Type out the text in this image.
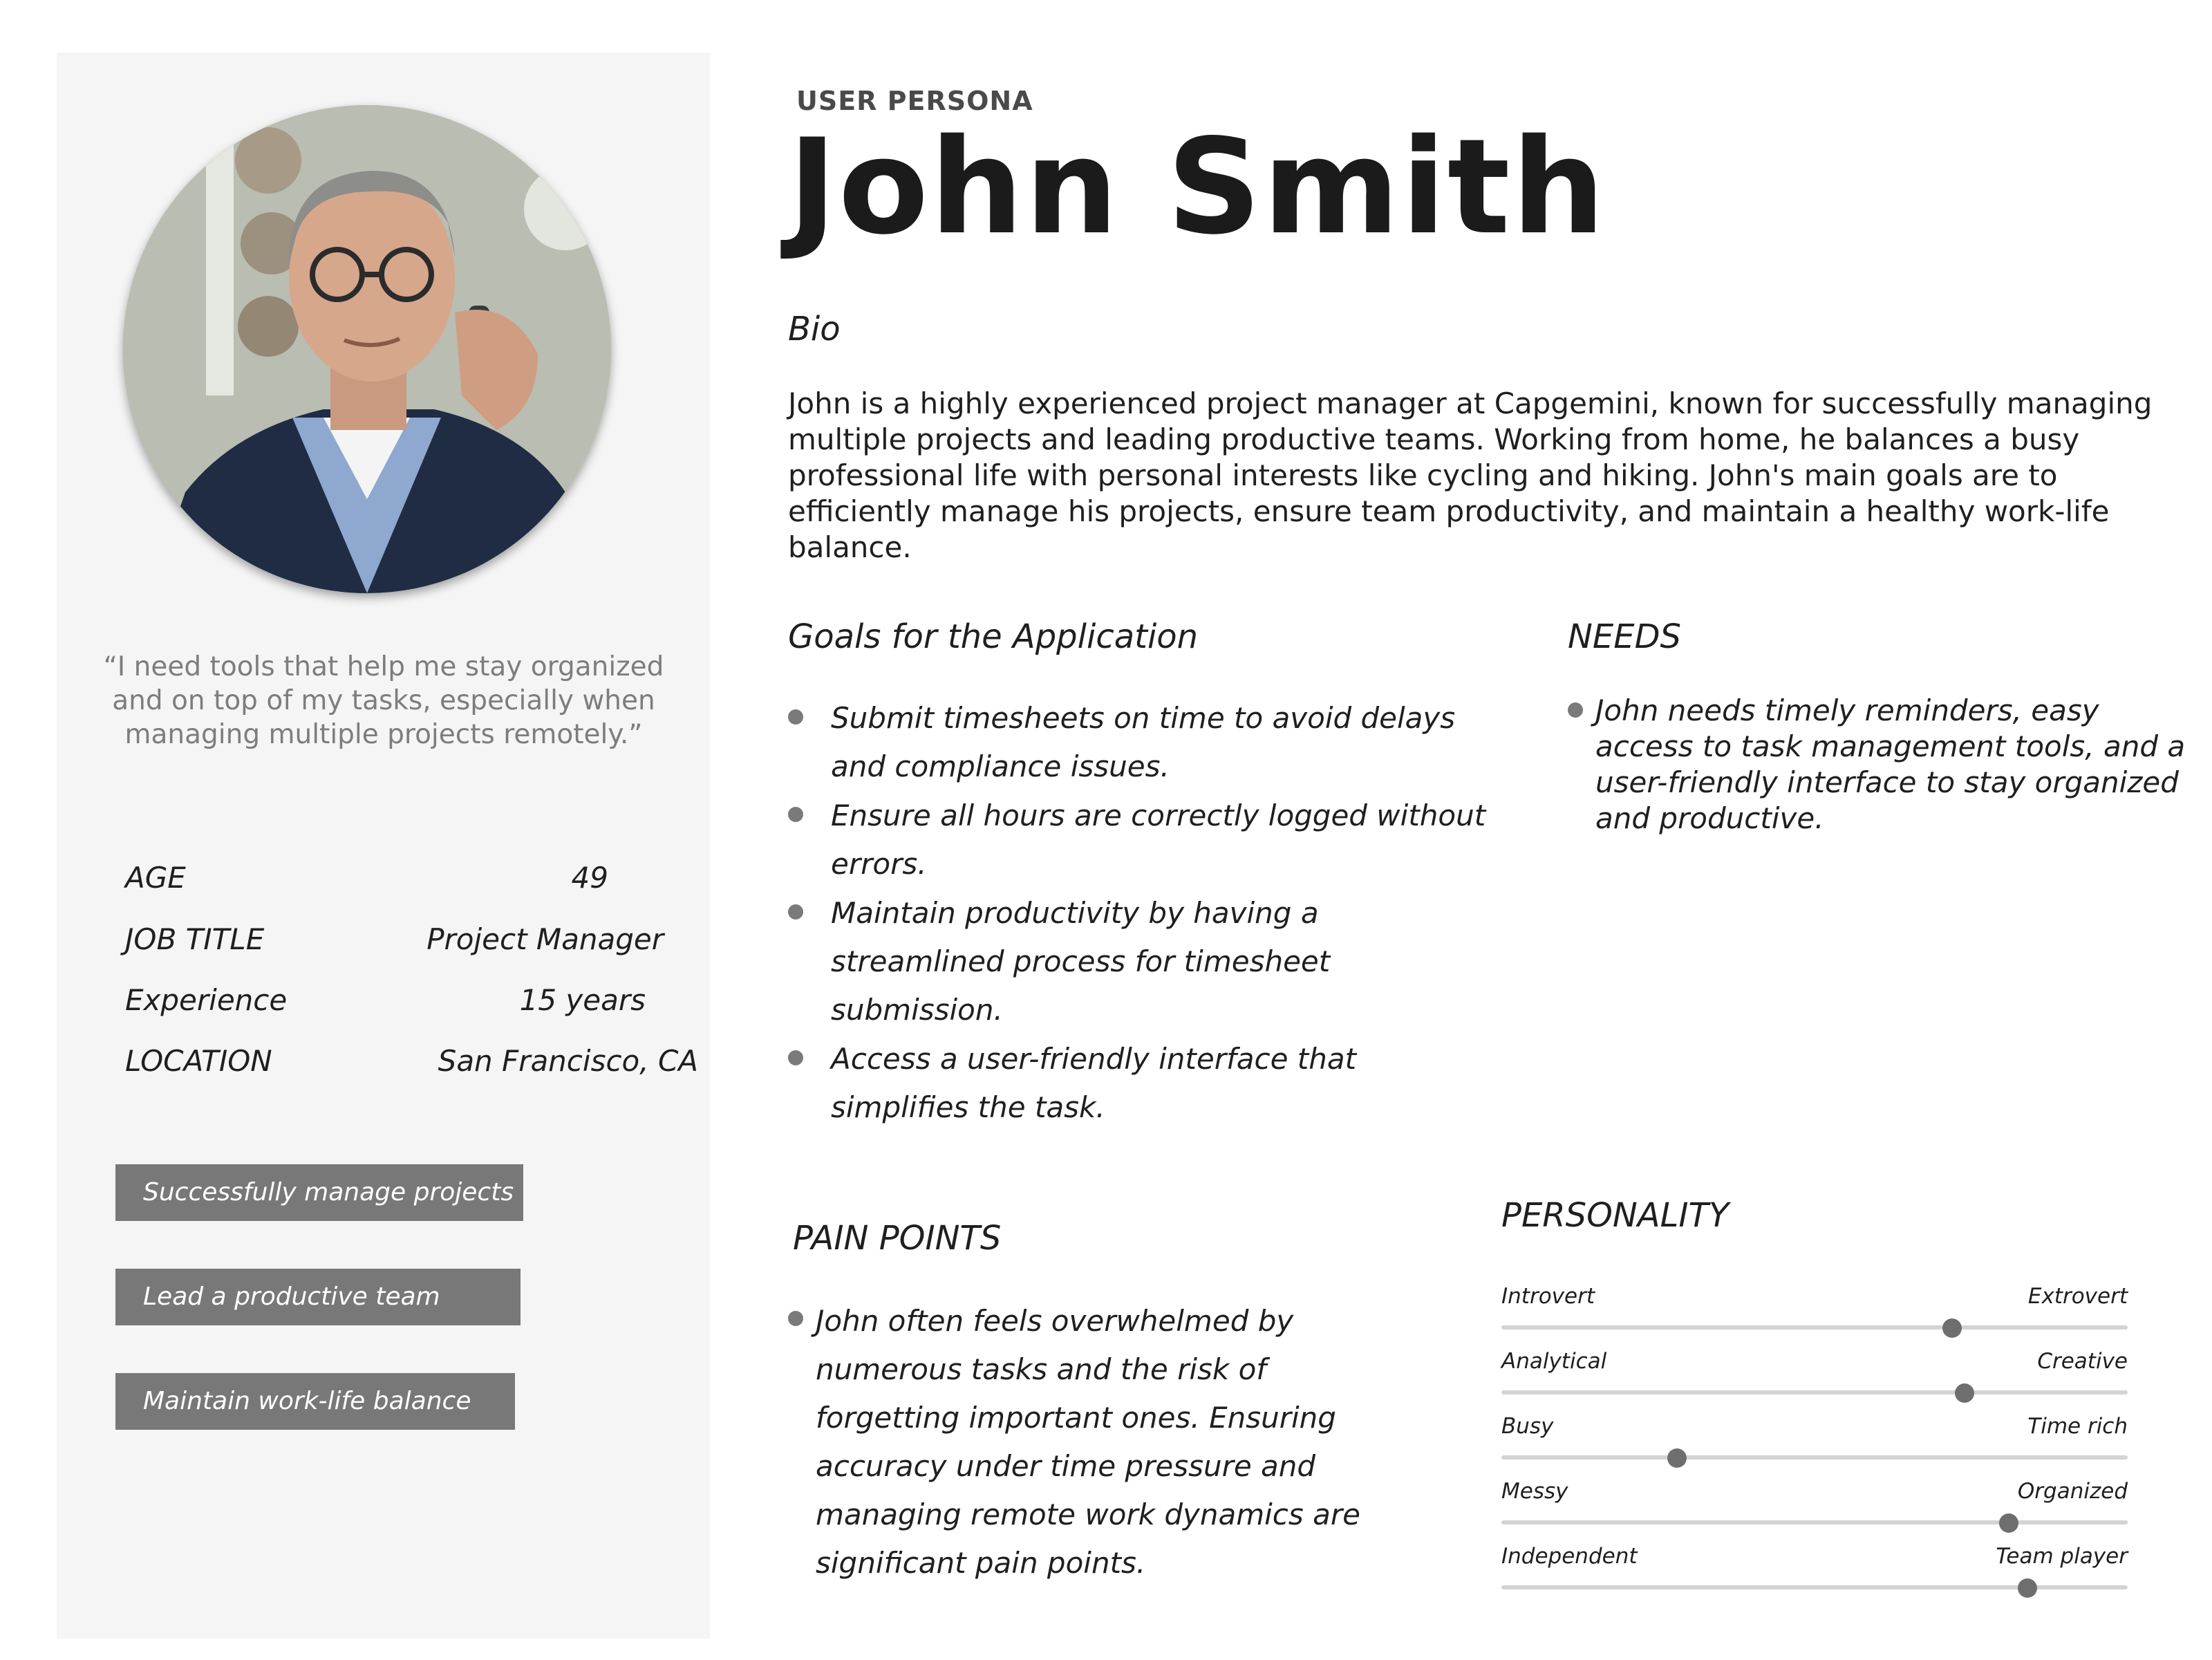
“I need tools that help me stay organized and on top of my tasks, especially when managing multiple projects remotely.”
AGE	49
JOB TITLE	Project Manager
Experience	15 years
LOCATION	San Francisco, CA
Successfully manage projects
Lead a productive team
Maintain work-life balance
USER PERSONA
John Smith
Bio
John is a highly experienced project manager at Capgemini, known for successfully managing multiple projects and leading productive teams. Working from home, he balances a busy professional life with personal interests like cycling and hiking. John's main goals are to efficiently manage his projects, ensure team productivity, and maintain a healthy work-life balance.
Goals for the Application
Submit timesheets on time to avoid delays and compliance issues.
Ensure all hours are correctly logged without errors.
Maintain productivity by having a streamlined process for timesheet submission.
Access a user-friendly interface that simplifies the task.
NEEDS
John needs timely reminders, easy access to task management tools, and a user-friendly interface to stay organized and productive.
PAIN POINTS
John often feels overwhelmed by numerous tasks and the risk of forgetting important ones. Ensuring accuracy under time pressure and managing remote work dynamics are significant pain points.
PERSONALITY
Introvert	Extrovert
Analytical	Creative
Busy	Time rich
Messy	Organized
Independent	Team player
